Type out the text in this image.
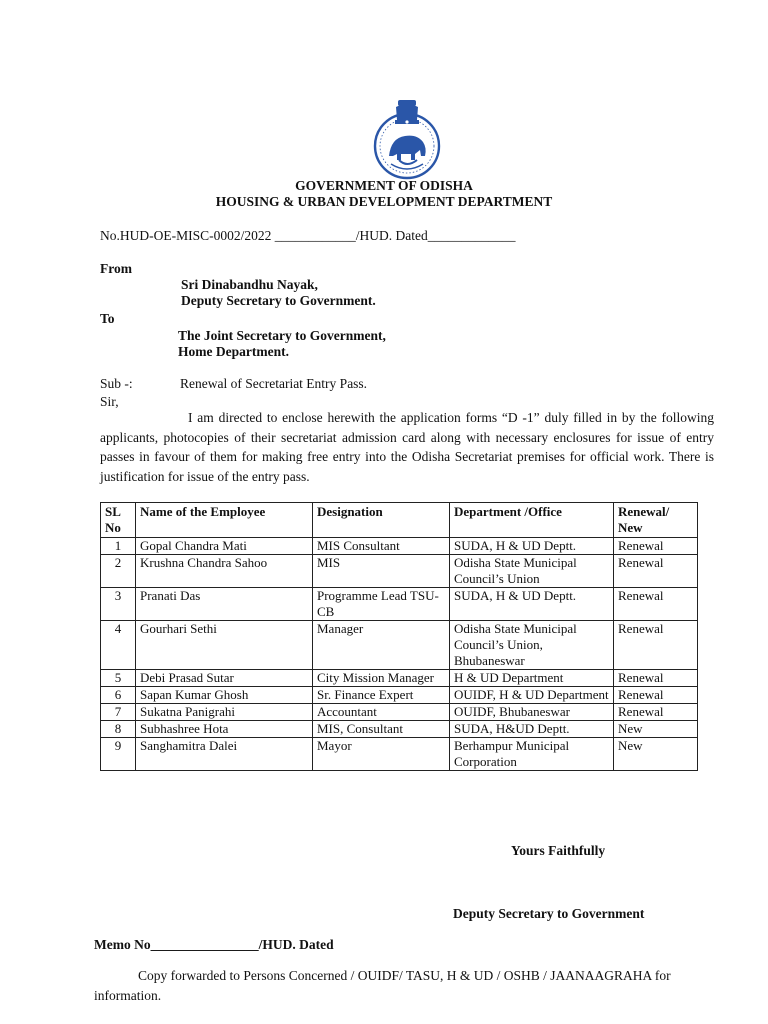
GOVERNMENT OF ODISHA
HOUSING & URBAN DEVELOPMENT DEPARTMENT
No.HUD-OE-MISC-0002/2022 ____________/HUD. Dated_____________
From
Sri Dinabandhu Nayak,
Deputy Secretary to Government.
To
The Joint Secretary to Government,
Home Department.
Sub -:	Renewal of Secretariat Entry Pass.
Sir,
I am directed to enclose herewith the application forms “D -1” duly filled in by the following applicants, photocopies of their secretariat admission card along with necessary enclosures for issue of entry passes in favour of them for making free entry into the Odisha Secretariat premises for official work. There is justification for issue of the entry pass.
SL No	Name of the Employee	Designation	Department /Office	Renewal/ New
1	Gopal Chandra Mati	MIS Consultant	SUDA, H & UD Deptt.	Renewal
2	Krushna Chandra Sahoo	MIS	Odisha State Municipal Council’s Union	Renewal
3	Pranati Das	Programme Lead TSU- CB	SUDA, H & UD Deptt.	Renewal
4	Gourhari Sethi	Manager	Odisha State Municipal Council’s Union, Bhubaneswar	Renewal
5	Debi Prasad Sutar	City Mission Manager	H & UD Department	Renewal
6	Sapan Kumar Ghosh	Sr. Finance Expert	OUIDF, H & UD Department	Renewal
7	Sukatna Panigrahi	Accountant	OUIDF, Bhubaneswar	Renewal
8	Subhashree Hota	MIS, Consultant	SUDA, H&UD Deptt.	New
9	Sanghamitra Dalei	Mayor	Berhampur Municipal Corporation	New
Yours Faithfully
Deputy Secretary to Government
Memo No________________/HUD. Dated
Copy forwarded to Persons Concerned / OUIDF/ TASU, H & UD / OSHB / JAANAAGRAHA for information.
